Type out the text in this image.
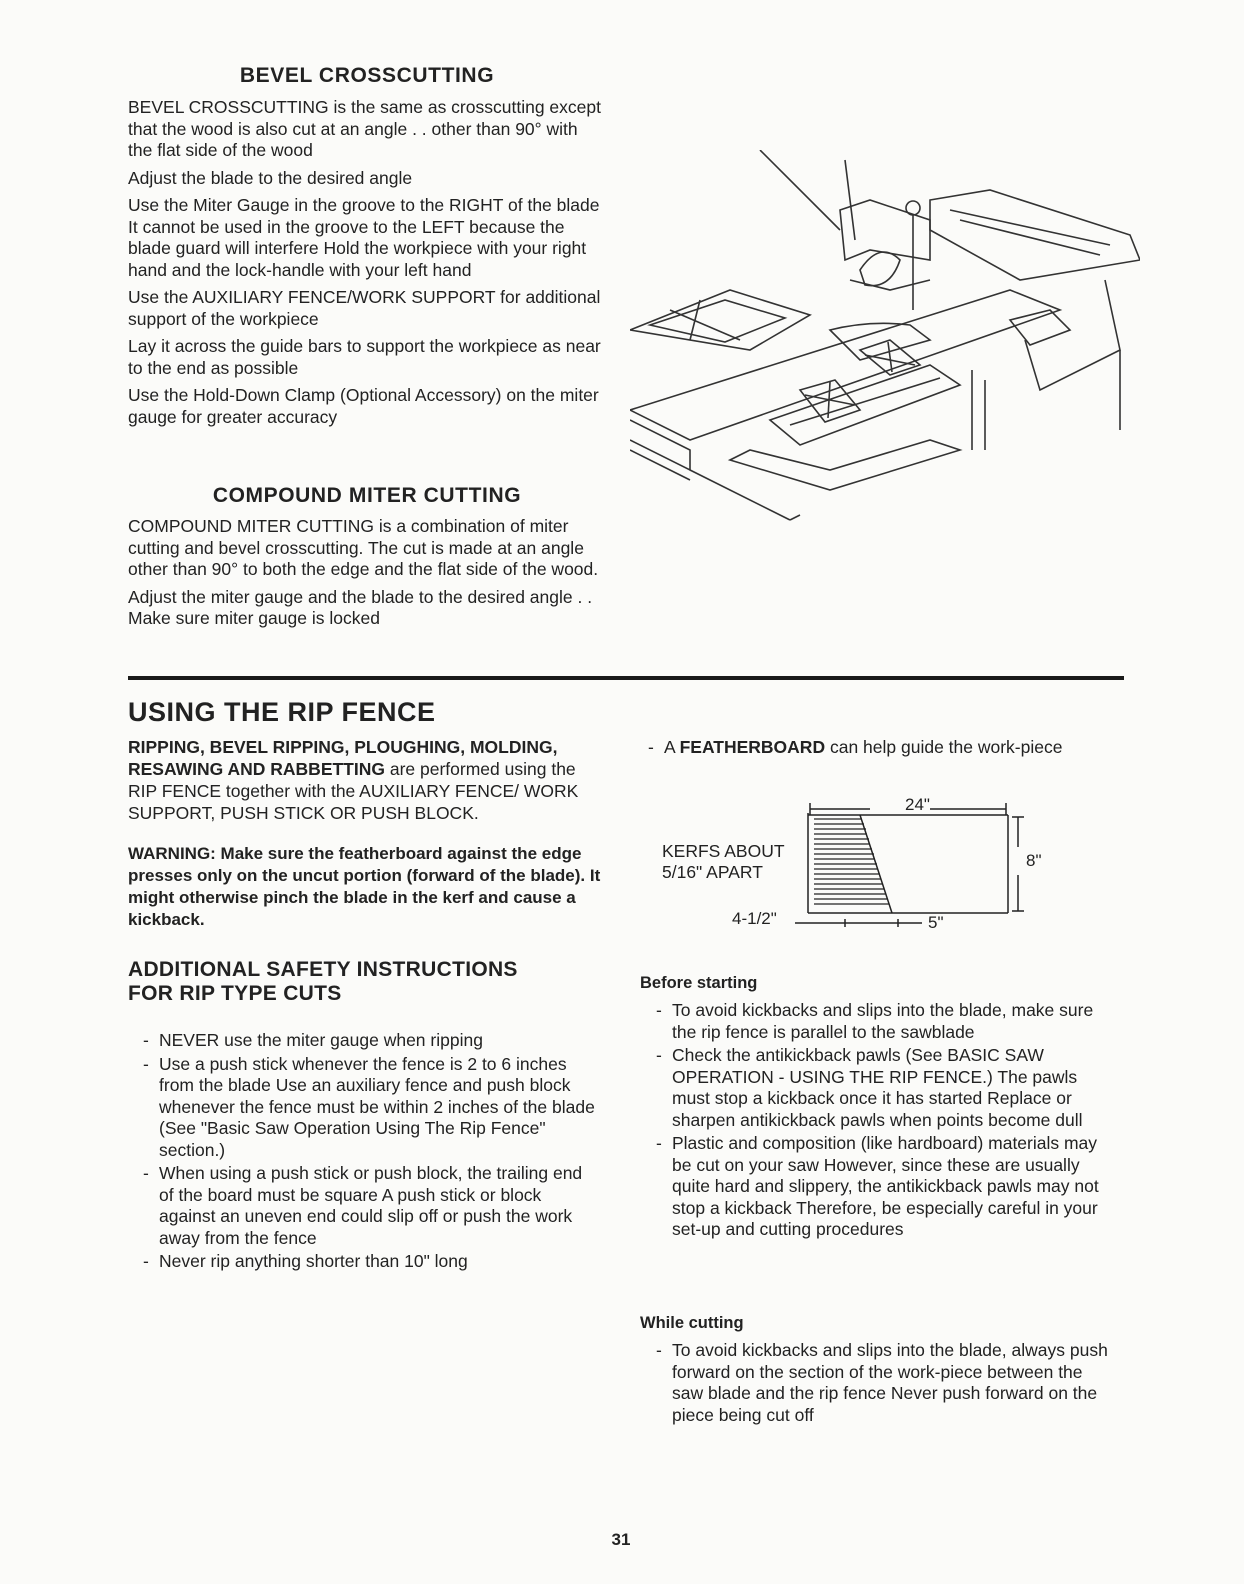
BEVEL CROSSCUTTING

BEVEL CROSSCUTTING is the same as crosscutting except that the wood is also cut at an angle . . other than 90° with the flat side of the wood

Adjust the blade to the desired angle

Use the Miter Gauge in the groove to the RIGHT of the blade It cannot be used in the groove to the LEFT because the blade guard will interfere Hold the workpiece with your right hand and the lock-handle with your left hand

Use the AUXILIARY FENCE/WORK SUPPORT for additional support of the workpiece

Lay it across the guide bars to support the workpiece as near to the end as possible

Use the Hold-Down Clamp (Optional Accessory) on the miter gauge for greater accuracy

COMPOUND MITER CUTTING

COMPOUND MITER CUTTING is a combination of miter cutting and bevel crosscutting. The cut is made at an angle other than 90° to both the edge and the flat side of the wood.

Adjust the miter gauge and the blade to the desired angle . . Make sure miter gauge is locked

USING THE RIP FENCE
RIPPING, BEVEL RIPPING, PLOUGHING, MOLDING, RESAWING AND RABBETTING are performed using the RIP FENCE together with the AUXILIARY FENCE/ WORK SUPPORT, PUSH STICK OR PUSH BLOCK.
WARNING: Make sure the featherboard against the edge presses only on the uncut portion (forward of the blade). It might otherwise pinch the blade in the kerf and cause a kickback.
ADDITIONAL SAFETY INSTRUCTIONS
FOR RIP TYPE CUTS
- NEVER use the miter gauge when ripping
- Use a push stick whenever the fence is 2 to 6 inches from the blade Use an auxiliary fence and push block whenever the fence must be within 2 inches of the blade (See "Basic Saw Operation Using The Rip Fence" section.)
- When using a push stick or push block, the trailing end of the board must be square A push stick or block against an uneven end could slip off or push the work away from the fence
- Never rip anything shorter than 10" long
- A FEATHERBOARD can help guide the work-piece
24"
8"
KERFS ABOUT
5/16" APART
4-1/2"	5"
Before starting
- To avoid kickbacks and slips into the blade, make sure the rip fence is parallel to the sawblade
- Check the antikickback pawls (See BASIC SAW OPERATION - USING THE RIP FENCE.) The pawls must stop a kickback once it has started Replace or sharpen antikickback pawls when points become dull
- Plastic and composition (like hardboard) materials may be cut on your saw However, since these are usually quite hard and slippery, the antikickback pawls may not stop a kickback Therefore, be especially careful in your set-up and cutting procedures
While cutting
- To avoid kickbacks and slips into the blade, always push forward on the section of the work-piece between the saw blade and the rip fence Never push forward on the piece being cut off
31
